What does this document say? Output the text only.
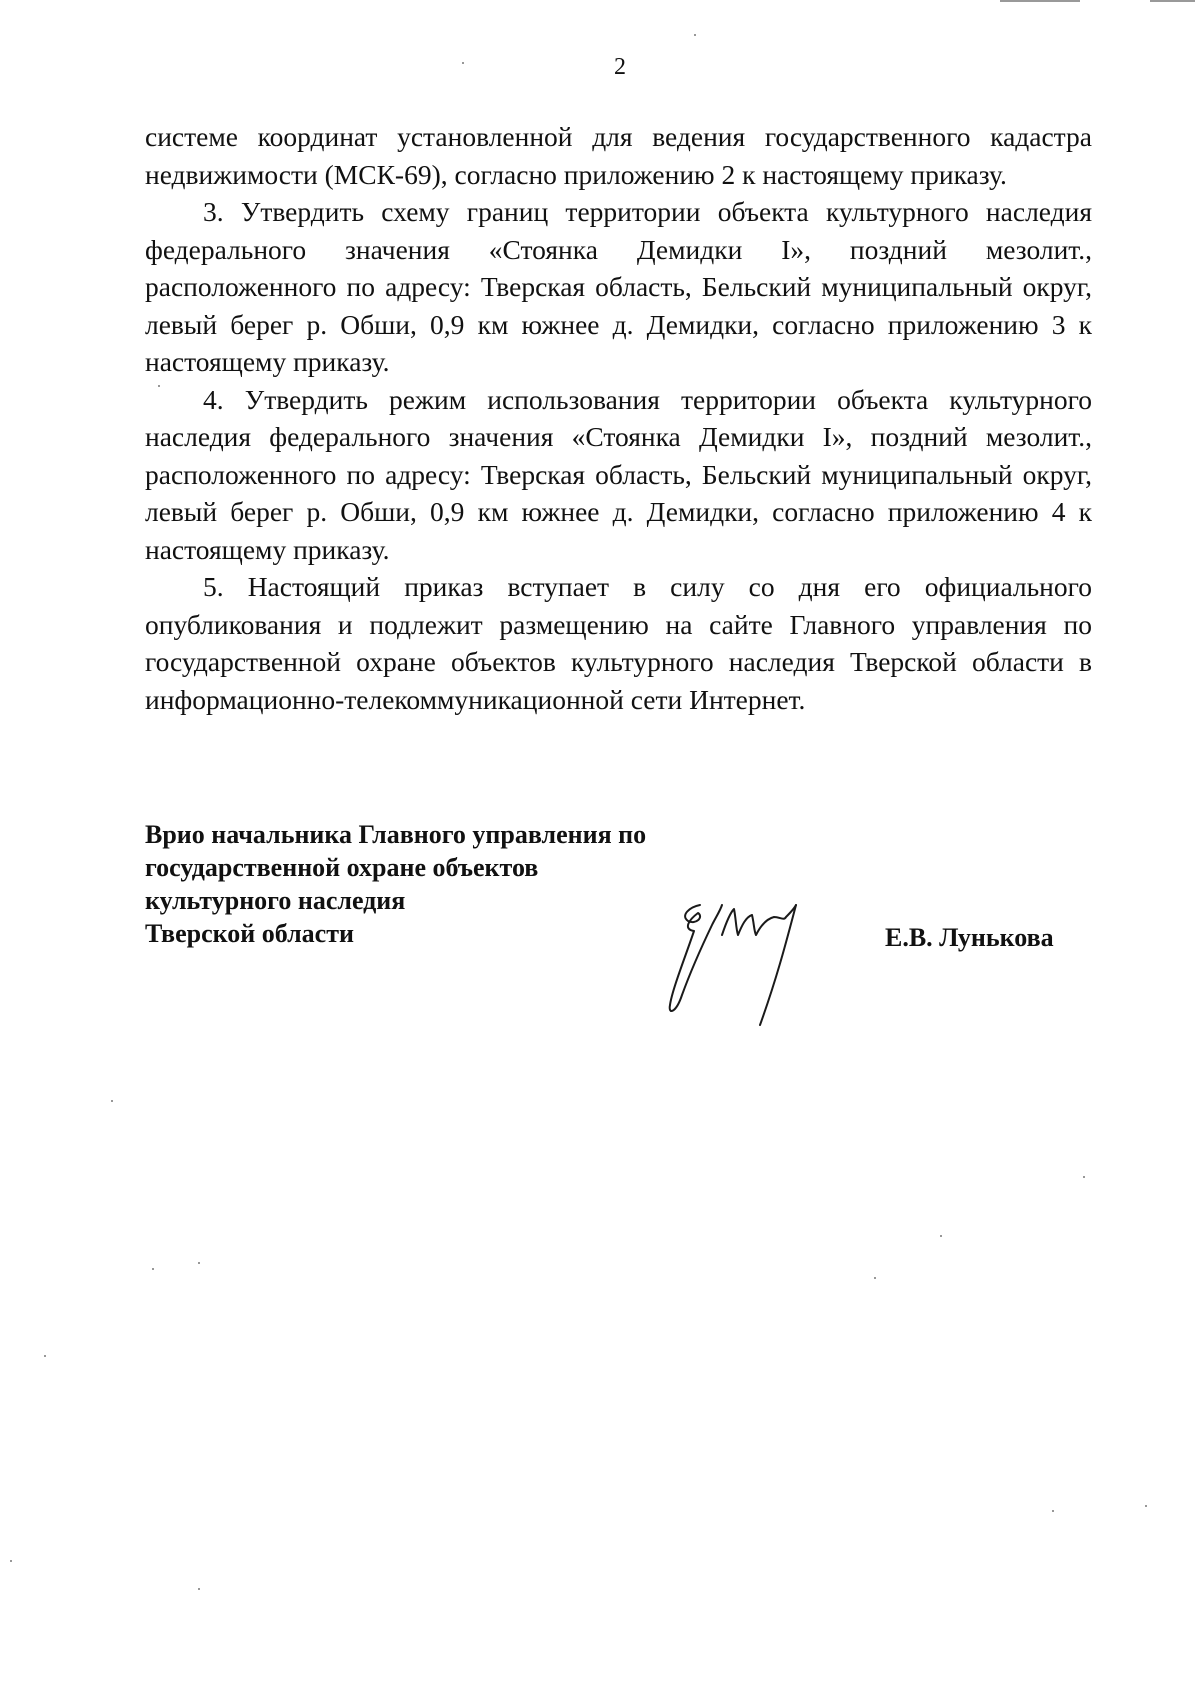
2

системе координат установленной для ведения государственного кадастра недвижимости (МСК-69), согласно приложению 2 к настоящему приказу.

3. Утвердить схему границ территории объекта культурного наследия федерального значения «Стоянка Демидки I», поздний мезолит., расположенного по адресу: Тверская область, Бельский муниципальный округ, левый берег р. Обши, 0,9 км южнее д. Демидки, согласно приложению 3 к настоящему приказу.

4. Утвердить режим использования территории объекта культурного наследия федерального значения «Стоянка Демидки I», поздний мезолит., расположенного по адресу: Тверская область, Бельский муниципальный округ, левый берег р. Обши, 0,9 км южнее д. Демидки, согласно приложению 4 к настоящему приказу.

5. Настоящий приказ вступает в силу со дня его официального опубликования и подлежит размещению на сайте Главного управления по государственной охране объектов культурного наследия Тверской области в информационно-телекоммуникационной сети Интернет.

Врио начальника Главного управления по
государственной охране объектов
культурного наследия
Тверской области	Е.В. Лунькова
